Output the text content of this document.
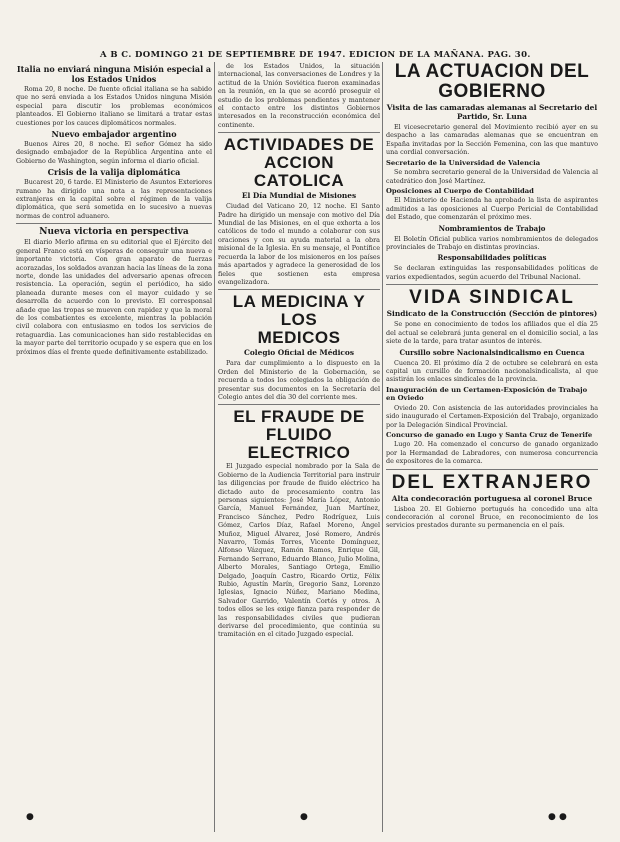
A B C. DOMINGO 21 DE SEPTIEMBRE DE 1947. EDICION DE LA MAÑANA. PAG. 30.
Italia no enviará ninguna Misión especial a los Estados Unidos

Roma 20, 8 noche. De fuente oficial italiana se ha sabido que no será enviada a los Estados Unidos ninguna Misión especial para discutir los problemas económicos planteados. El Gobierno italiano se limitará a tratar estas cuestiones por los cauces diplomáticos normales.

Nuevo embajador argentino

Buenos Aires 20, 8 noche. El señor Gómez ha sido designado embajador de la República Argentina ante el Gobierno de Washington, según informa el diario oficial.

Crisis de la valija diplomática

Bucarest 20, 6 tarde. El Ministerio de Asuntos Exteriores rumano ha dirigido una nota a las representaciones extranjeras en la capital sobre el régimen de la valija diplomática, que será sometida en lo sucesivo a nuevas normas de control aduanero.

Nueva victoria en perspectiva

El diario Merlo afirma en su editorial que el Ejército del general Franco está en vísperas de conseguir una nueva e importante victoria. Con gran aparato de fuerzas acorazadas, los soldados avanzan hacia las líneas de la zona norte, donde las unidades del adversario apenas ofrecen resistencia. La operación, según el periódico, ha sido planeada durante meses con el mayor cuidado y se desarrolla de acuerdo con lo previsto. El corresponsal añade que las tropas se mueven con rapidez y que la moral de los combatientes es excelente, mientras la población civil colabora con entusiasmo en todos los servicios de retaguardia. Las comunicaciones han sido restablecidas en la mayor parte del territorio ocupado y se espera que en los próximos días el frente quede definitivamente estabilizado.

de los Estados Unidos, la situación internacional, las conversaciones de Londres y la actitud de la Unión Soviética fueron examinadas en la reunión, en la que se acordó proseguir el estudio de los problemas pendientes y mantener el contacto entre los distintos Gobiernos interesados en la reconstrucción económica del continente.

ACTIVIDADES DE
ACCION CATOLICA
El Día Mundial de Misiones

Ciudad del Vaticano 20, 12 noche. El Santo Padre ha dirigido un mensaje con motivo del Día Mundial de las Misiones, en el que exhorta a los católicos de todo el mundo a colaborar con sus oraciones y con su ayuda material a la obra misional de la Iglesia. En su mensaje, el Pontífice recuerda la labor de los misioneros en los países más apartados y agradece la generosidad de los fieles que sostienen esta empresa evangelizadora.

LA MEDICINA Y LOS
MEDICOS
Colegio Oficial de Médicos

Para dar cumplimiento a lo dispuesto en la Orden del Ministerio de la Gobernación, se recuerda a todos los colegiados la obligación de presentar sus documentos en la Secretaría del Colegio antes del día 30 del corriente mes.

EL FRAUDE DE FLUIDO
ELECTRICO

El Juzgado especial nombrado por la Sala de Gobierno de la Audiencia Territorial para instruir las diligencias por fraude de fluido eléctrico ha dictado auto de procesamiento contra las personas siguientes: José María López, Antonio García, Manuel Fernández, Juan Martínez, Francisco Sánchez, Pedro Rodríguez, Luis Gómez, Carlos Díaz, Rafael Moreno, Ángel Muñoz, Miguel Álvarez, José Romero, Andrés Navarro, Tomás Torres, Vicente Domínguez, Alfonso Vázquez, Ramón Ramos, Enrique Gil, Fernando Serrano, Eduardo Blanco, Julio Molina, Alberto Morales, Santiago Ortega, Emilio Delgado, Joaquín Castro, Ricardo Ortiz, Félix Rubio, Agustín Marín, Gregorio Sanz, Lorenzo Iglesias, Ignacio Núñez, Mariano Medina, Salvador Garrido, Valentín Cortés y otros. A todos ellos se les exige fianza para responder de las responsabilidades civiles que pudieran derivarse del procedimiento, que continúa su tramitación en el citado Juzgado especial.

LA ACTUACION DEL
GOBIERNO
Visita de las camaradas alemanas al Secretario del Partido, Sr. Luna

El vicesecretario general del Movimiento recibió ayer en su despacho a las camaradas alemanas que se encuentran en España invitadas por la Sección Femenina, con las que mantuvo una cordial conversación.

Secretario de la Universidad de Valencia

Se nombra secretario general de la Universidad de Valencia al catedrático don José Martínez.

Oposiciones al Cuerpo de Contabilidad

El Ministerio de Hacienda ha aprobado la lista de aspirantes admitidos a las oposiciones al Cuerpo Pericial de Contabilidad del Estado, que comenzarán el próximo mes.

Nombramientos de Trabajo

El Boletín Oficial publica varios nombramientos de delegados provinciales de Trabajo en distintas provincias.

Responsabilidades políticas

Se declaran extinguidas las responsabilidades políticas de varios expedientados, según acuerdo del Tribunal Nacional.

VIDA SINDICAL
Sindicato de la Construcción (Sección de pintores)

Se pone en conocimiento de todos los afiliados que el día 25 del actual se celebrará junta general en el domicilio social, a las siete de la tarde, para tratar asuntos de interés.

Cursillo sobre Nacionalsindicalismo en Cuenca

Cuenca 20. El próximo día 2 de octubre se celebrará en esta capital un cursillo de formación nacionalsindicalista, al que asistirán los enlaces sindicales de la provincia.

Inauguración de un Certamen-Exposición de Trabajo en Oviedo

Oviedo 20. Con asistencia de las autoridades provinciales ha sido inaugurado el Certamen-Exposición del Trabajo, organizado por la Delegación Sindical Provincial.

Concurso de ganado en Lugo y Santa Cruz de Tenerife

Lugo 20. Ha comenzado el concurso de ganado organizado por la Hermandad de Labradores, con numerosa concurrencia de expositores de la comarca.

DEL EXTRANJERO
Alta condecoración portuguesa al coronel Bruce

Lisboa 20. El Gobierno portugués ha concedido una alta condecoración al coronel Bruce, en reconocimiento de los servicios prestados durante su permanencia en el país.

●	●	● ●
